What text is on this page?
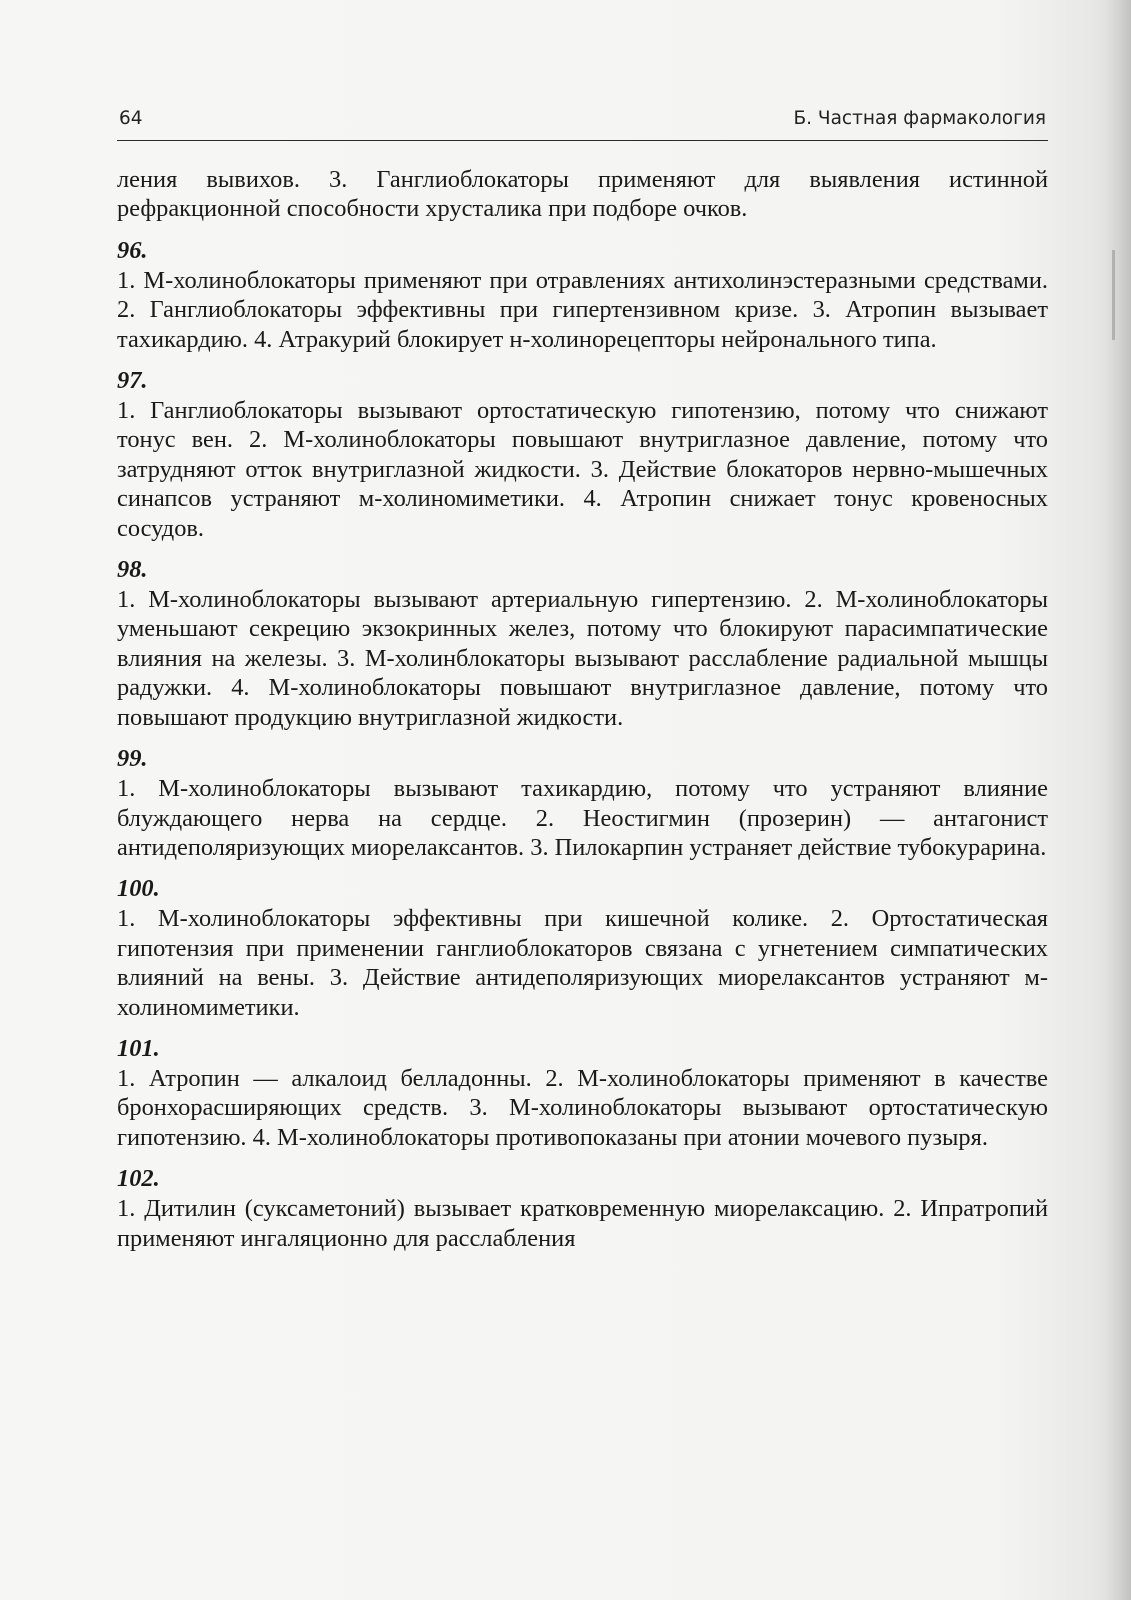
64	Б. Частная фармакология

ления вывихов. 3. Ганглиоблокаторы применяют для выявления истинной рефракционной способности хрусталика при подборе очков.

96.

1. М-холиноблокаторы применяют при отравлениях антихолинэстеразными средствами. 2. Ганглиоблокаторы эффективны при гипертензивном кризе. 3. Атропин вызывает тахикардию. 4. Атракурий блокирует н-холинорецепторы нейронального типа.

97.

1. Ганглиоблокаторы вызывают ортостатическую гипотензию, потому что снижают тонус вен. 2. М-холиноблокаторы повышают внутриглазное давление, потому что затрудняют отток внутриглазной жидкости. 3. Действие блокаторов нервно-мышечных синапсов устраняют м-холиномиметики. 4. Атропин снижает тонус кровеносных сосудов.

98.

1. М-холиноблокаторы вызывают артериальную гипертензию. 2. М-холиноблокаторы уменьшают секрецию экзокринных желез, потому что блокируют парасимпатические влияния на железы. 3. М-холинблокаторы вызывают расслабление радиальной мышцы радужки. 4. М-холиноблокаторы повышают внутриглазное давление, потому что повышают продукцию внутриглазной жидкости.

99.

1. М-холиноблокаторы вызывают тахикардию, потому что устраняют влияние блуждающего нерва на сердце. 2. Неостигмин (прозерин) — антагонист антидеполяризующих миорелаксантов. 3. Пилокарпин устраняет действие тубокурарина.

100.

1. М-холиноблокаторы эффективны при кишечной колике. 2. Ортостатическая гипотензия при применении ганглиоблокаторов связана с угнетением симпатических влияний на вены. 3. Действие антидеполяризующих миорелаксантов устраняют м-холиномиметики.

101.

1. Атропин — алкалоид белладонны. 2. М-холиноблокаторы применяют в качестве бронхорасширяющих средств. 3. М-холиноблокаторы вызывают ортостатическую гипотензию. 4. М-холиноблокаторы противопоказаны при атонии мочевого пузыря.

102.

1. Дитилин (суксаметоний) вызывает кратковременную миорелаксацию. 2. Ипратропий применяют ингаляционно для расслабления
